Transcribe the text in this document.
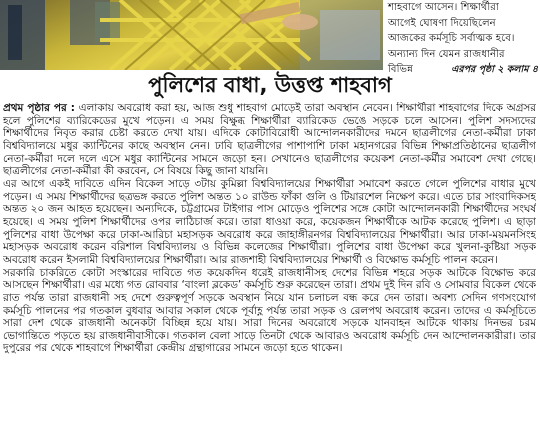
শাহবাগে আসেন। শিক্ষার্থীরা

আগেই ঘোষণা দিয়েছিলেন

আজকের কর্মসূচি সর্বাত্মক হবে।

অন্যান্য দিন যেমন রাজধানীর

বিভিন্ন	এরপর পৃষ্ঠা ২ কলাম ৪

পুলিশের বাধা, উত্তপ্ত শাহবাগ

প্রথম পৃষ্ঠার পর : এলাকায় অবরোধ করা হয়, আজ শুধু শাহবাগ মোড়েই তারা অবস্থান নেবেন। শিক্ষার্থীরা শাহবাগের দিকে অগ্রসর হলে পুলিশের ব্যারিকেডের মুখে পড়েন। এ সময় বিক্ষুব্ধ শিক্ষার্থীরা ব্যারিকেড ভেঙে সড়কে চলে আসেন। পুলিশ সদস্যদের শিক্ষার্থীদের নিবৃত করার চেষ্টা করতে দেখা যায়। এদিকে কোটাবিরোধী আন্দোলনকারীদের দমনে ছাত্রলীগের নেতা-কর্মীরা ঢাকা বিশ্ববিদ্যালয়ে মধুর ক্যান্টিনের কাছে অবস্থান নেন। ঢাবি ছাত্রলীগের পাশাপাশি ঢাকা মহানগরের বিভিন্ন শিক্ষাপ্রতিষ্ঠানের ছাত্রলীগ নেতা-কর্মীরা দলে দলে এসে মধুর ক্যান্টিনের সামনে জড়ো হন। সেখানেও ছাত্রলীগের কয়েকশ নেতা-কর্মীর সমাবেশ দেখা গেছে। ছাত্রলীগের নেতা-কর্মীরা কী করবেন, সে বিষয়ে কিছু জানা যায়নি।

এর আগে একই দাবিতে এদিন বিকেল সাড়ে ৩টায় কুমিল্লা বিশ্ববিদ্যালয়ের শিক্ষার্থীরা সমাবেশ করতে গেলে পুলিশের বাধার মুখে পড়েন। এ সময় শিক্ষার্থীদের ছত্রভঙ্গ করতে পুলিশ অন্তত ১০ রাউন্ড ফাঁকা গুলি ও টিয়ারশেল নিক্ষেপ করে। এতে চার সাংবাদিকসহ অন্তত ২০ জন আহত হয়েছেন। অন্যদিকে, চট্টগ্রামের টাইগার পাস মোড়েও পুলিশের সঙ্গে কোটা আন্দোলনকারী শিক্ষার্থীদের সংঘর্ষ হয়েছে। এ সময় পুলিশ শিক্ষার্থীদের ওপর লাঠিচার্জ করে। তারা ধাওয়া করে, কয়েকজন শিক্ষার্থীকে আটক করেছে পুলিশ। এ ছাড়া পুলিশের বাধা উপেক্ষা করে ঢাকা-আরিচা মহাসড়ক অবরোধ করে জাহাঙ্গীরনগর বিশ্ববিদ্যালয়ের শিক্ষার্থীরা। আর ঢাকা-ময়মনসিংহ মহাসড়ক অবরোধ করেন বরিশাল বিশ্ববিদ্যালয় ও বিভিন্ন কলেজের শিক্ষার্থীরা। পুলিশের বাধা উপেক্ষা করে খুলনা-কুষ্টিয়া সড়ক অবরোধ করেন ইসলামী বিশ্ববিদ্যালয়ের শিক্ষার্থীরা। আর রাজশাহী বিশ্ববিদ্যালয়ের শিক্ষার্থী ও বিক্ষোভ কর্মসূচি পালন করেন।

সরকারি চাকরিতে কোটা সংস্কারের দাবিতে গত কয়েকদিন ধরেই রাজধানীসহ দেশের বিভিন্ন শহরে সড়ক আটকে বিক্ষোভ করে আসছেন শিক্ষার্থীরা। এর মধ্যে গত রোববার ‘বাংলা ব্লকেড’ কর্মসূচি শুরু করেছেন তারা। প্রথম দুই দিন রবি ও সোমবার বিকেল থেকে রাত পর্যন্ত তারা রাজধানী সহ দেশে গুরুত্বপূর্ণ সড়কে অবস্থান নিয়ে যান চলাচল বন্ধ করে দেন তারা। অবশ্য সেদিন গণসংযোগ কর্মসূচি পালনের পর গতকাল বুধবার আবার সকাল থেকে পূর্বাহ্ণ পর্যন্ত তারা সড়ক ও রেলপথ অবরোধ করেন। তাদের এ কর্মসূচিতে সারা দেশ থেকে রাজধানী অনেকটা বিচ্ছিন্ন হয়ে যায়। সারা দিনের অবরোধে সড়কে যানবাহন আটকে থাকায় দিনভর চরম ভোগান্তিতে পড়তে হয় রাজধানীবাসীকে। গতকাল বেলা সাড়ে তিনটা থেকে আবারও অবরোধ কর্মসূচি দেন আন্দোলনকারীরা। তার দুপুরের পর থেকে শাহবাগে শিক্ষার্থীরা কেন্দ্রীয় গ্রন্থাগারের সামনে জড়ো হতে থাকেন।
